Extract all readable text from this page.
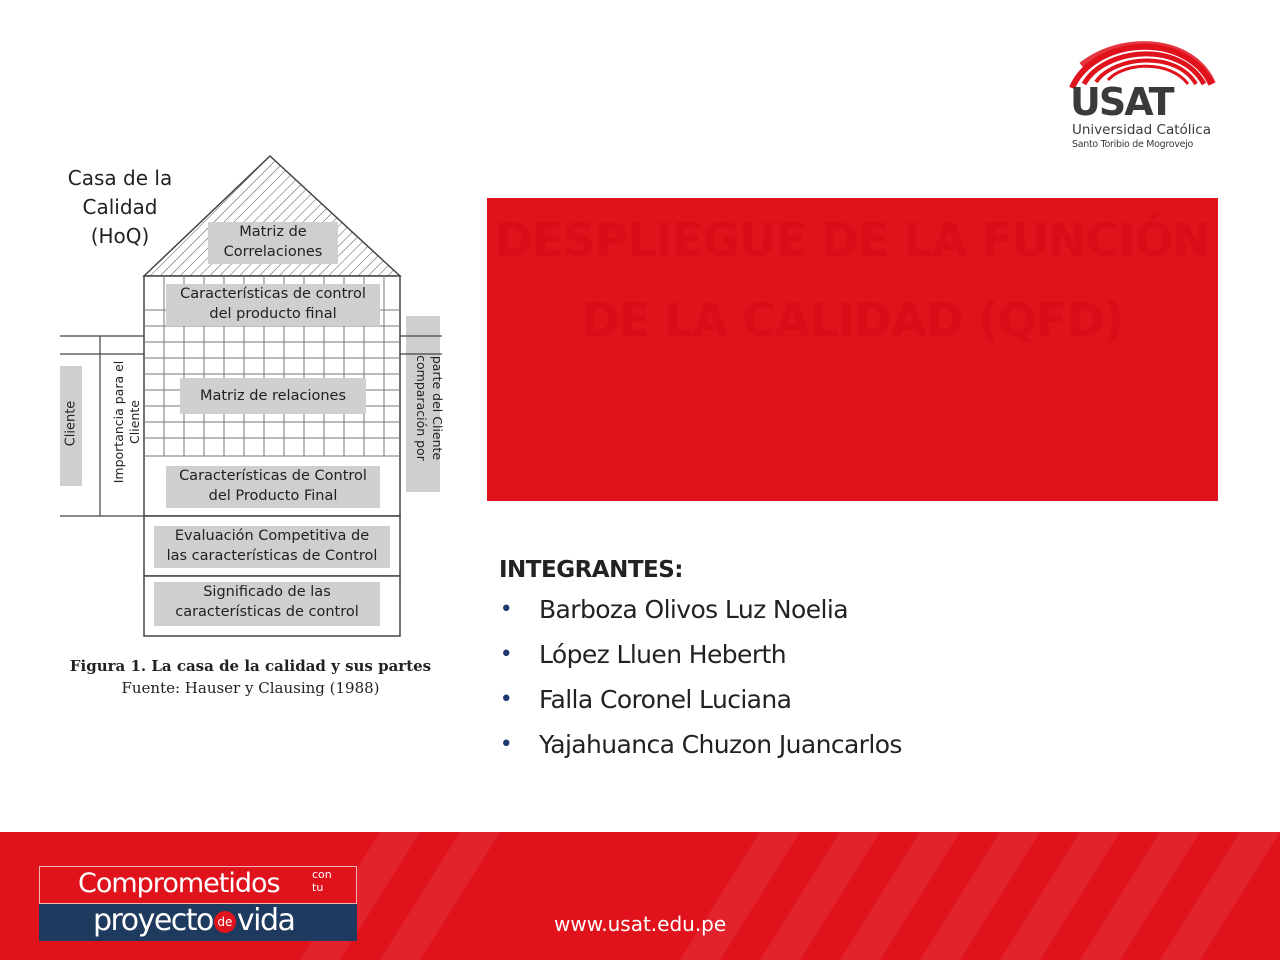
USAT
Universidad Católica
Santo Toribio de Mogrovejo
DESPLIEGUE DE LA FUNCIÓN DE LA CALIDAD (QFD)
INTEGRANTES:
• Barboza Olivos Luz Noelia
• López Lluen Heberth
• Falla Coronel Luciana
• Yajahuanca Chuzon Juancarlos
Casa de la
Calidad
(HoQ)	Matriz de
Correlaciones
Características de control
del producto final
Matriz de relaciones
Características de Control
del Producto Final
Evaluación Competitiva de
las características de Control
Significado de las
características de control
Cliente	Importancia para el Cliente	parte del Cliente
comparación por
Figura 1. La casa de la calidad y sus partes
Fuente: Hauser y Clausing (1988)
Comprometidos	con
tu
proyecto de vida	www.usat.edu.pe
